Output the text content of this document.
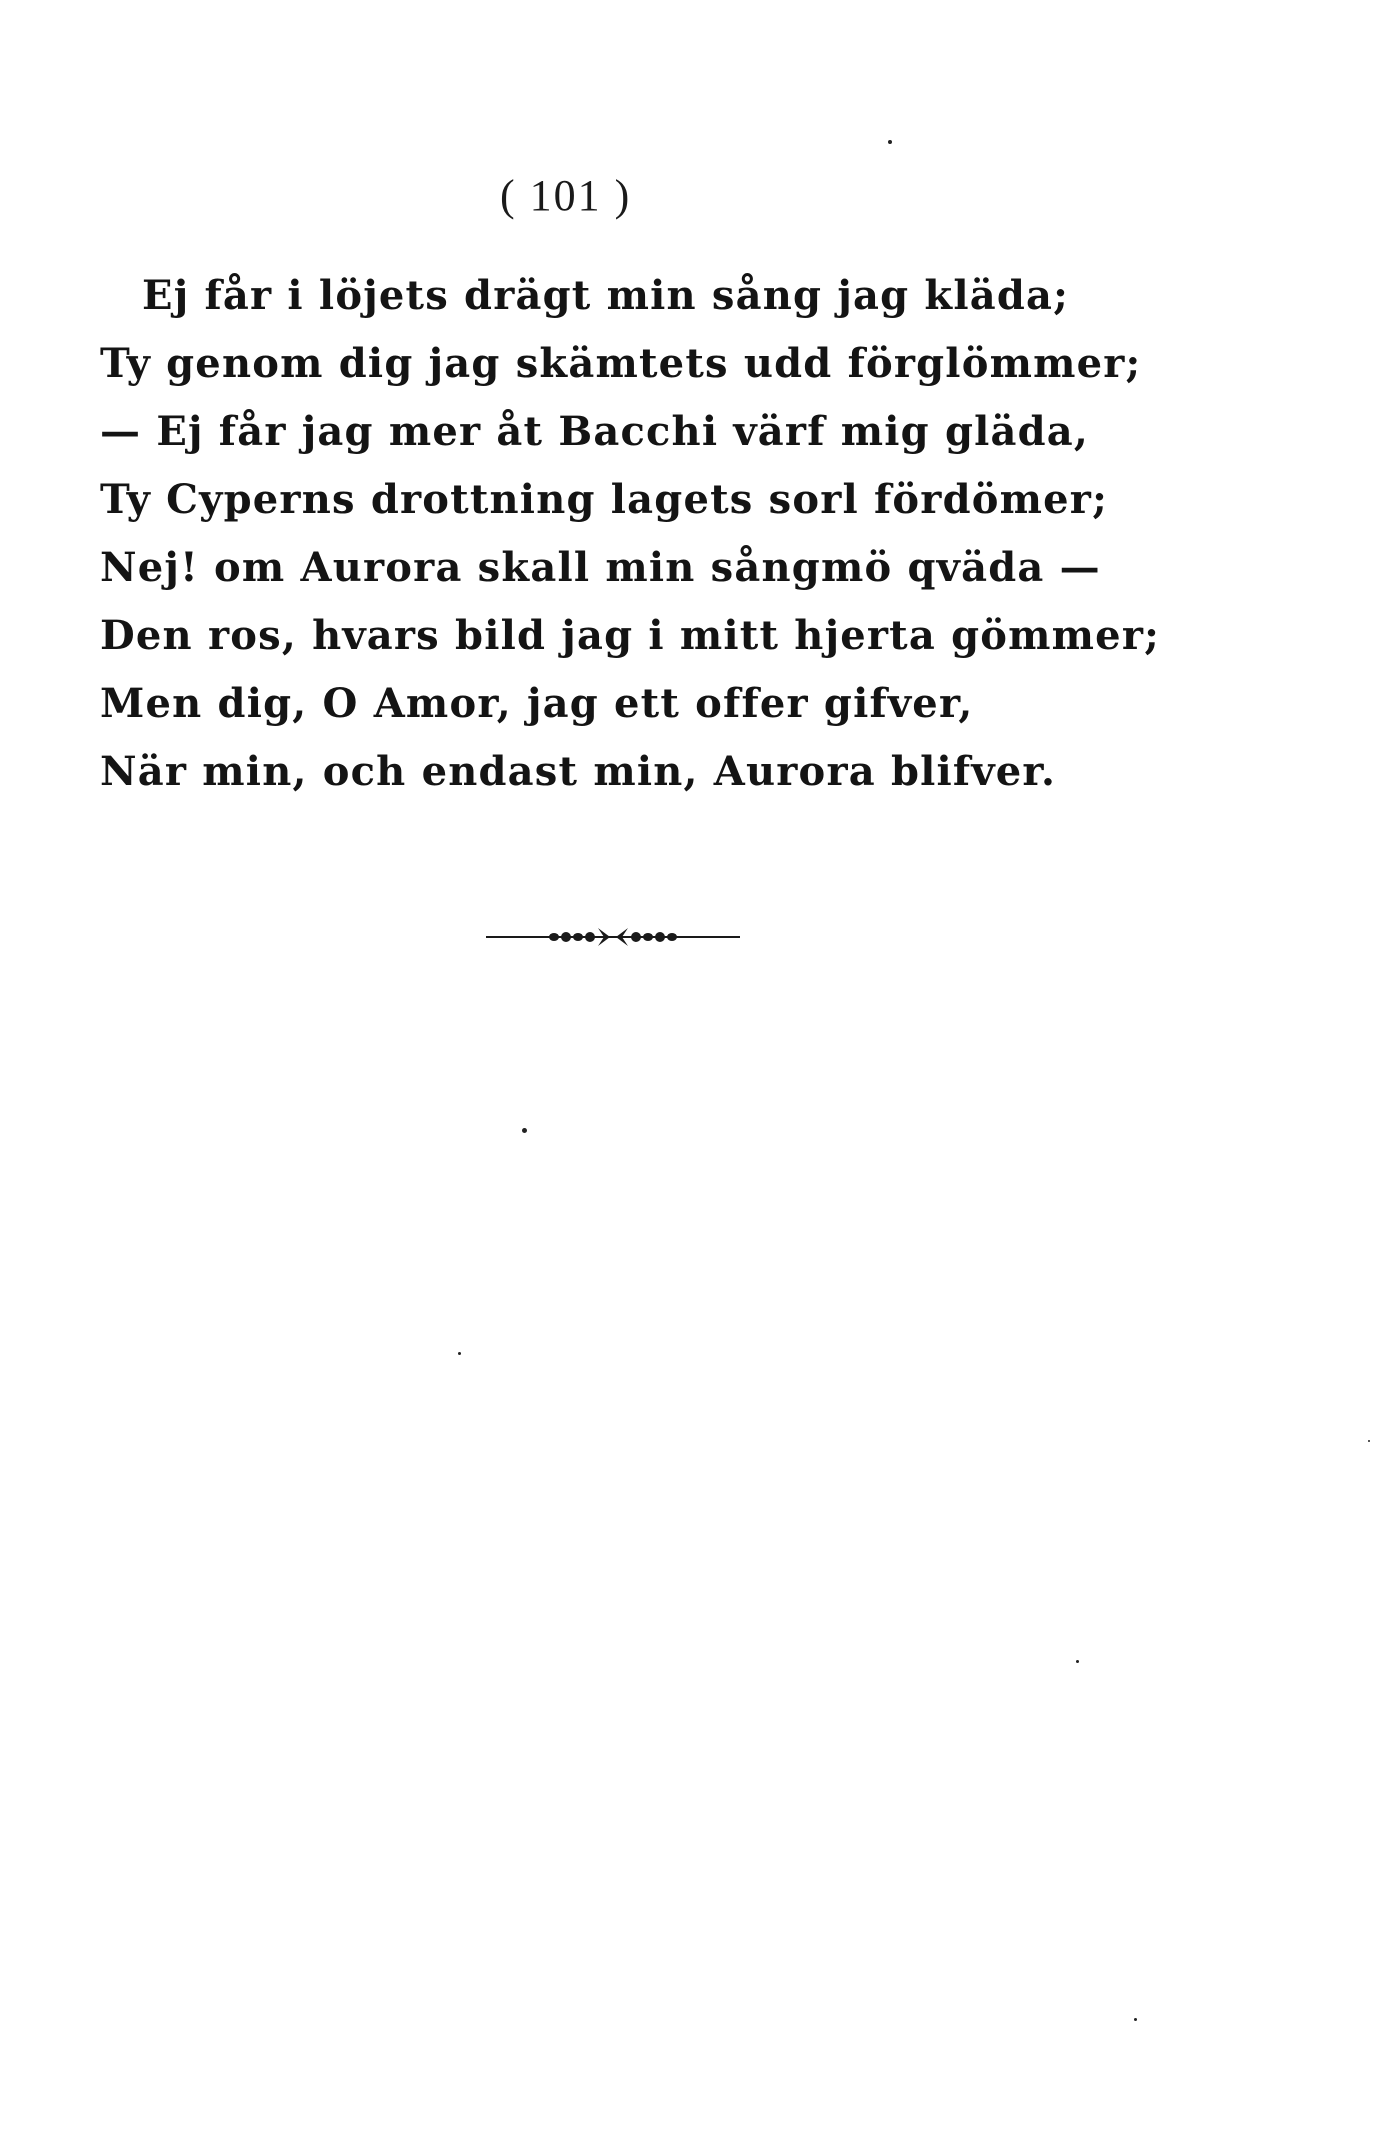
( 101 )
Ej får i löjets drägt min sång jag kläda;
Ty genom dig jag skämtets udd förglömmer;
— Ej får jag mer åt Bacchi värf mig gläda,
Ty Cyperns drottning lagets sorl fördömer;
Nej! om Aurora skall min sångmö qväda —
Den ros, hvars bild jag i mitt hjerta gömmer;
Men dig, O Amor, jag ett offer gifver,
När min, och endast min, Aurora blifver.
